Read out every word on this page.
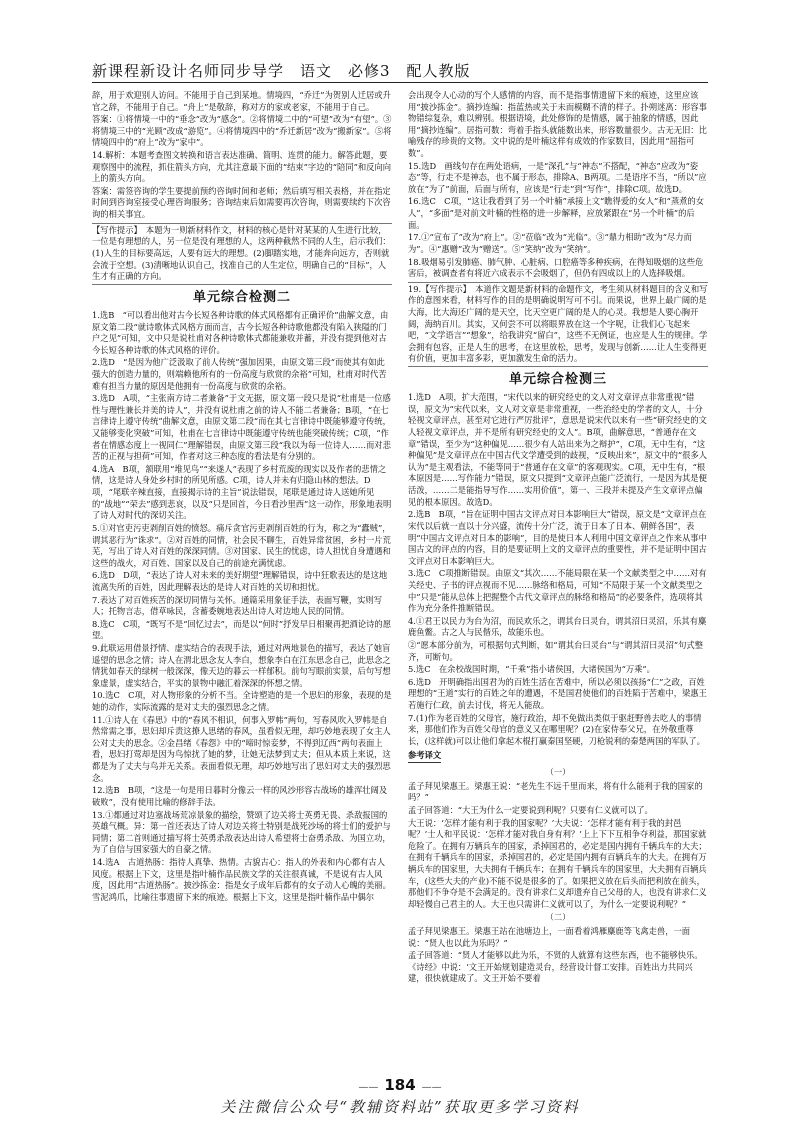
新课程新设计名师同步导学　语文　必修3　配人教版

辞，用于欢迎别人访问。不能用于自己到某地。情境四，“乔迁”为贺别人迁居或升官之辞，不能用于自己。“舟上”是敬辞，称对方的家或老家，不能用于自己。

答案：①将情境一中的“垂念”改为“感念”。②将情境二中的“可望”改为“有望”。③将情境三中的“光顾”改成“游览”。④将情境四中的“乔迁新居”改为“搬新家”。⑤将情境四中的“府上”改为“家中”。

14.解析：本题考查图文转换和语言表达准确、简明、连贯的能力。解答此题，要观察图中的流程，抓住箭头方向，尤其注意最下面的“结束”字边的“陪同”和反向向上的箭头方向。

答案：需签咨询的学生要提前预约咨询时间和老师；然后填写相关表格，并在指定时间到咨询室接受心理咨询服务；咨询结束后如需要再次咨询，则需要续约下次咨询的相关事宜。

【写作提示】　本题为一则新材料作文，材料的核心是针对某某的人生进行比较，一位是有理想的人，另一位是没有理想的人，这两种截然不同的人生，启示我们：(1)人生的目标要高远，人要有远大的理想。(2)脚踏实地，才能奔向远方，否则就会流于空想。(3)清晰地认识自己，找准自己的人生定位，明确自己的“目标”，人生才有正确的方向。

单元综合检测二

1.选B　“可以看出他对古今长短各种诗歌的体式风格都有正确评价”曲解文意，由原文第二段“就诗歌体式风格方面而言，古今长短各种诗歌他都没有陷入狭隘的门户之见”可知，文中只是说杜甫对各种诗歌体式都能兼收并蓄，并没有提到他对古今长短各种诗歌的体式风格的评价。

2.选D　“是因为他广泛汲取了前人传统”强加因果，由原文第三段“而使其有如此强大的创造力量的，则端赖他所有的一份高度与欣赏的余裕”可知，杜甫对时代苦难有担当力量的原因是他拥有一份高度与欣赏的余裕。

3.选D　A项，“主张南方诗二者兼备”于文无据，原文第一段只是说“杜甫是一位感性与理性兼长并美的诗人”，并没有说杜甫之前的诗人不能二者兼备；B项，“在七言律诗上遵守传统”曲解文意，由原文第二段“而在其七言律诗中既能够遵守传统，又能够变化突破”可知，杜甫在七言律诗中既能遵守传统也能突破传统；C项，“作者在情感态度上一视同仁”理解错误，由原文第三段“我以为每一位诗人……而对悲苦的正视与担荷”可知，作者对这三种态度的看法是有分别的。

4.选A　B项，颔联用“堆见鸟”“来遂人”表现了乡村荒废的现实以及作者的悲情之情，这是诗人身处乡村时的所见所感。C项，诗人并未有归隐山林的想法。D项，“尾联辛辣直接，直接揭示诗的主旨”说法错误，尾联是通过诗人送她所见的“战地”“荣去”感到悲哀，以及“只是回首，今日看沙里西”这一动作，形象地表明了诗人对时代的深切关注。

5.①对官吏污吏剥削百姓的愤怒。痛斥贪官污吏剥削百姓的行为，称之为“蠹贼”，谓其恶行为“诛求”。②对百姓的同情，社会民不聊生，百姓异常贫困，乡村一片荒芜，写出了诗人对百姓的深深同情。③对国家、民生的忧虑，诗人担忧自身遭遇和这些的战火，对百姓、国家以及自己的前途充满忧虑。

6.选D　D项，“表达了诗人对未来的美好期望”理解错误，诗中狂歌表达的是这地流离失所的百姓，因此理解表达的是诗人对百姓的关切和担忧。

7.表达了对百姓疾苦的深切同情与关怀。通篇采用象征手法，表面写鞭，实则写人；托物言志，借草咏民，含蓄委婉地表达出诗人对边地人民的同情。

8.选C　C项，“既写不是“回忆过去”，而是以“何时”抒发早日相聚再把酒论诗的愿望。

9.此联运用借景抒情、虚实结合的表现手法，通过对两地景色的描写，表达了她盲遥望的思念之情；诗人在渭北思念友人李白，想象李白在江东思念自己，此思念之情犹如春天的绿树一般深深，像天边的暮云一样郁积。前句写眼前实景，后句写想象虚景，虚实结合，平实的景物中融汇着深深的怀想之情。

10.选C　C项，对人物形象的分析不当。全诗塑造的是一个思妇的形象，表现的是她的动作，实际流露的是对丈夫的强烈思念之情。

11.①诗人在《春思》中的“春风不相识，何事入罗帏”两句，写春风吹入罗帏是自然常需之事，思妇却斥责这撩人思绪的春风，虽看似无理，却巧妙地表现了女主人公对丈夫的思念。②金昌绪《春怨》中的“啼时惊妾梦，不得到辽西”两句表面上看，思妇打莺却是因为鸟惊扰了她的梦，让她无法梦到丈夫；但从本质上来说，这都是为了丈夫与鸟并无关系。表面看似无理，却巧妙地写出了思妇对丈夫的强烈思念。

12.选B　B项，“这是一句是用日暮时分像云一样的风沙形容古战场的雄浑壮阔及破败”，没有使用比喻的修辞手法。

13.①都通过对边塞战场荒凉景象的描绘，赞颂了边关将士英勇无畏、杀敌报国的英雄气概。异：第一首还表达了诗人对边关将士特别是战死沙场的将士们的爱护与同情；第二首则通过描写将士英勇杀敌表达出诗人希望将士奋勇杀敌、为国立功，为了自信与国家强大的自豪之情。

14.选A　古道热肠：指待人真挚、热情。古貌古心：指人的外表和内心都有古人风度。根据上下文，这里是指叶楠作品民族文学的关注很真诚，不是说有古人风度，因此用“古道热肠”。披沙拣金：指是女子成年后都有的女子动人心魄的美丽。雪泥鸿爪，比喻往事遗留下来的痕迹。根据上下文，这里是指叶楠作品中偶尔

会出现令人心动的写个人感情的内容，而不是指事情遗留下来的痕迹，这里应该用“披沙拣金”。摘抄连编：指蓝热或关于未而模糊不清的样子。扑朔迷离：形容事物错综复杂，难以辨别。根据语境，此处修饰的是情感，属于抽象的情感，因此用“摘抄连编”。居指可数：弯着手指头就能数出来，形容数量很少。古无无旧：比喻残存的珍贵的文物。文中说的是叶楠这样有成效的作家数目，因此用“屈指可数”。

15.选D　画线句存在两处语病，一是“深孔”与“神态”不搭配，“神态”应改为“姿态”等，行走不是神态，也不属于形态，排除A、B两项。二是语序不当，“所以”应放在“为了”前面，后面与所有，应该是“行走”到“写作”，排除C项。故选D。

16.选C　C项，“这让我看到了另一个叶楠”承接上文“瞧得爱的女人”和“蒸煮的女人”，“多面”是对前文叶楠的性格的进一步解释，应放紧跟在“另一个叶楠”的后面。

17.①“宣布了”改为“府上”。②“莅临”改为“光临”。③“鼎力相助”改为“尽力而为”。④“惠赠”改为“赠送”。⑤“笑纳”改为“笑纳”。

18.吸烟易引发肺癌、肺气肿、心脏病、口腔癌等多种疾病，在得知吸烟的这些危害后，被调查者有将近六成表示不会吸烟了，但仍有四成以上的人选择吸烟。

19.【写作提示】　本道作文题是新材料的命题作文，考生须从材料题目的含义和写作的意图来看，材料写作的目的是明确说明写可不引。而果说，世界上最广阔的是大海，比大海还广阔的是天空，比天空更广阔的是人的心灵。我想是人要心胸开阔，海纳百川。其实，又何尝不可以将眼界放在这一个字呢，让我们心飞起来吧，“文学语言”“想象”，给我讲究“留白”，这些不无例证，也应是人生的规律。学会拥有包容，正是人生的思考，在这里放松，思考，发现与创新……让人生变得更有价值，更加丰富多彩，更加激发生命的活力。

单元综合检测三

1.选D　A项，扩大范围，“宋代以来的研究经史的文人对文章评点非常重视”错误，原文为“宋代以来，文人对文章是非常重视，一些治经史的学者的文人，十分轻视文章评点，甚至对它进行严厉批评”，意思是说宋代以来有一些“研究经史的文人轻视文章评点，并不是所有研究经史的文人”。B项，曲解意思，“普通存在文章”错误，至少为“这种偏见……很少有人站出来为之辩护”，C项，无中生有，“这种偏见”是文章评点在中国古代文学遭受到的歧视，“反映出来”，原文中的“很多人认为”是主观看法，不能等同于“普通存在文章”的客观现实。C项，无中生有，“根本原因是……写作能力”错误，原文只提到“文章评点能广泛流行，一是因为其是便活泼，……二是能指导写作……实用价值”，第一、三段并未提及产生文章评点偏见的根本原因。故选D。

2.选B　B项，“旨在证明中国古文评点对日本影响巨大”错误，原文是“文章评点在宋代以后就一直以十分兴盛，流传十分广泛，流于日本了日本、朝鲜各国”，表明“中国古文评点对日本的影响”，目的是使日本人利用中国文章评点之作来从事中国古文的评点的内容，目的是要证明上文的文章评点的重要性，并不是证明中国古文评点对日本影响巨大。

3.选C　C项推断错误。由原文“其次……不能局限在某一个文献类型之中……对有关经史、子书的评点视而不见……脉络和格局，可知“不局限于某一个文献类型之中”只是“能从总体上把握整个古代文章评点的脉络和格局”的必要条件，选项将其作为充分条件推断错误。

4.①君王以民力为台为沼，而民欢乐之，谓其台曰灵台，谓其沼曰灵沼，乐其有麋鹿鱼鳖。古之人与民偕乐，故能乐也。

②“愿本部分前为，可根据句式判断，如“谓其台曰灵台”与“谓其沼曰灵沼”句式整齐，可断句。

5.选C　在余校战国时期，“千乘”指小诸侯国，大诸侯国为“万乘”。

6.选D　开明确指出国君为的百姓生活在苦难中，所以必须以孩扬“仁”之政，百姓理想的“王道”实行的百姓之年的遭遇，不是国君使他们的百姓陷于苦难中，梁惠王若施行仁政，前去讨伐，将无人能敌。

7.(1)作为老百姓的父母官，施行政治，却不免做出类似于驱赶野兽去吃人的事情来，那他们作为百姓父母官的意义又在哪里呢？(2)在家侍奉父兄，在外敬重尊长，(这样就)可以让他们拿起木棍打赢秦国坚硬，刀枪锐利的秦楚两国的军队了。

参考译文
（一）

孟子拜见梁惠王。梁惠王说：“老先生不远千里而来，将有什么能利于我的国家的吗？”

孟子回答道：“大王为什么一定要说到利呢？只要有仁义就可以了。

大王说：‘怎样才能有利于我的国家呢？’大夫说：‘怎样才能有利于我的封邑呢？’士人和平民说：‘怎样才能对我自身有利？’上上下下互相争夺利益，那国家就危险了。在拥有万辆兵车的国家，杀掉国君的，必定是国内拥有千辆兵车的大夫；在拥有千辆兵车的国家，杀掉国君的，必定是国内拥有百辆兵车的大夫。在拥有万辆兵车的国家里，大夫拥有千辆兵车；在拥有千辆兵车的国家里，大夫拥有百辆兵车，(这些大夫的产业)不能不说是很多的了。如果把义放在后头而把利放在前头，那他们不争夺是不会满足的。没有讲求仁义却遗弃自己父母的人，也没有讲求仁义却轻慢自己君主的人。大王也只需讲仁义就可以了，为什么一定要说利呢？”

（二）

孟子拜见梁惠王。梁惠王站在池塘边上，一面看着鸿雁麋鹿等飞禽走兽，一面说：“贤人也以此为乐吗？”

孟子回答道：“贤人才能够以此为乐，不贤的人就算有这些东西，也不能够快乐。《诗经》中说：‘文王开始规划建造灵台，经营设计督工安排。百姓出力共同兴建，很快就建成了。文王开始不要着

—— 184 ——
关注微信公众号“教辅资料站”获取更多学习资料
